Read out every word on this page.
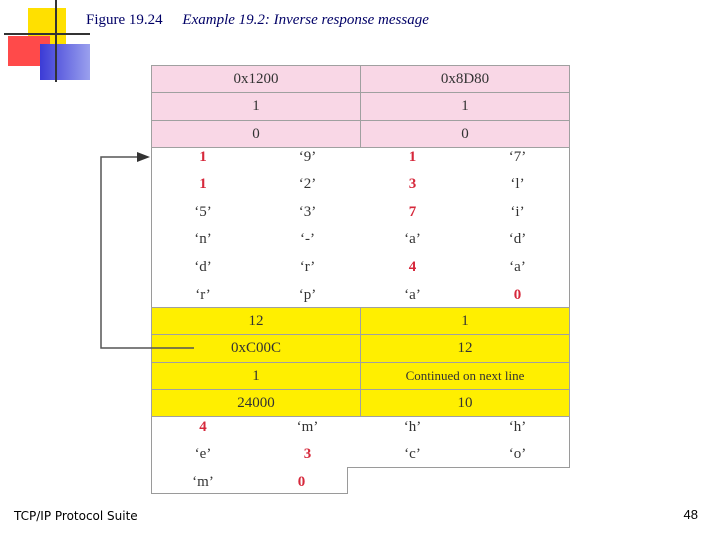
Figure 19.24 Example 19.2: Inverse response message
0x1200	0x8D80
1	1
0	0
1	‘9’	1	‘7’
1	‘2’	3	‘l’
‘5’	‘3’	7	‘i’
‘n’	‘-’	‘a’	‘d’
‘d’	‘r’	4	‘a’
‘r’	‘p’	‘a’	0
12	1
0xC00C	12
1	Continued on next line
24000	10
4	‘m’	‘h’	‘h’
‘e’	3	‘c’	‘o’
‘m’	0
TCP/IP Protocol Suite	48
